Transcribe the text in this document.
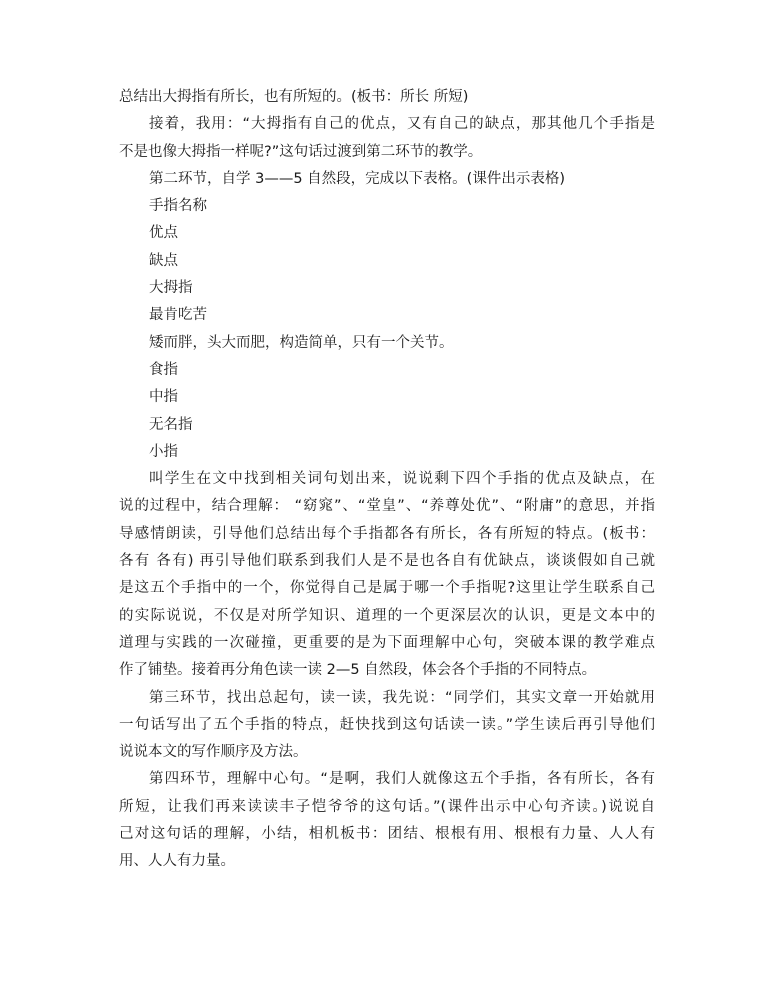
总结出大拇指有所长，也有所短的。(板书：所长 所短)
接着，我用：“大拇指有自己的优点，又有自己的缺点，那其他几个手指是
不是也像大拇指一样呢?”这句话过渡到第二环节的教学。
第二环节，自学 3——5 自然段，完成以下表格。(课件出示表格)
手指名称
优点
缺点
大拇指
最肯吃苦
矮而胖，头大而肥，构造简单，只有一个关节。
食指
中指
无名指
小指
叫学生在文中找到相关词句划出来，说说剩下四个手指的优点及缺点，在
说的过程中，结合理解： “窈窕”、“堂皇”、“养尊处优”、“附庸”的意思，并指
导感情朗读，引导他们总结出每个手指都各有所长，各有所短的特点。(板书：
各有 各有) 再引导他们联系到我们人是不是也各自有优缺点，谈谈假如自己就
是这五个手指中的一个，你觉得自己是属于哪一个手指呢?这里让学生联系自己
的实际说说，不仅是对所学知识、道理的一个更深层次的认识，更是文本中的
道理与实践的一次碰撞，更重要的是为下面理解中心句，突破本课的教学难点
作了铺垫。接着再分角色读一读 2—5 自然段，体会各个手指的不同特点。
第三环节，找出总起句，读一读，我先说：“同学们，其实文章一开始就用
一句话写出了五个手指的特点，赶快找到这句话读一读。”学生读后再引导他们
说说本文的写作顺序及方法。
第四环节，理解中心句。“是啊，我们人就像这五个手指，各有所长，各有
所短，让我们再来读读丰子恺爷爷的这句话。”(课件出示中心句齐读。)说说自
己对这句话的理解，小结，相机板书：团结、根根有用、根根有力量、人人有
用、人人有力量。
